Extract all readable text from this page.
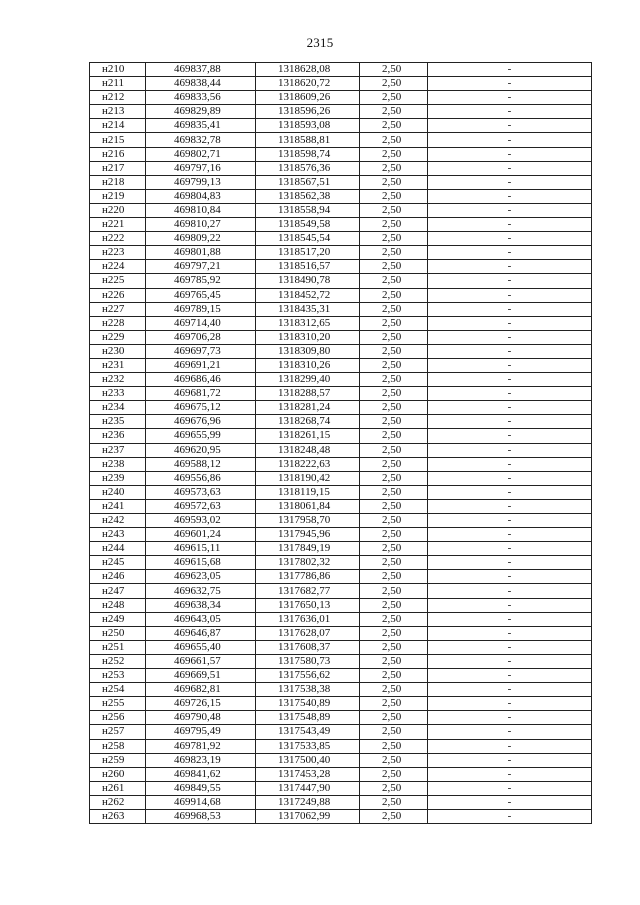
2315
н210	469837,88	1318628,08	2,50	-
н211	469838,44	1318620,72	2,50	-
н212	469833,56	1318609,26	2,50	-
н213	469829,89	1318596,26	2,50	-
н214	469835,41	1318593,08	2,50	-
н215	469832,78	1318588,81	2,50	-
н216	469802,71	1318598,74	2,50	-
н217	469797,16	1318576,36	2,50	-
н218	469799,13	1318567,51	2,50	-
н219	469804,83	1318562,38	2,50	-
н220	469810,84	1318558,94	2,50	-
н221	469810,27	1318549,58	2,50	-
н222	469809,22	1318545,54	2,50	-
н223	469801,88	1318517,20	2,50	-
н224	469797,21	1318516,57	2,50	-
н225	469785,92	1318490,78	2,50	-
н226	469765,45	1318452,72	2,50	-
н227	469789,15	1318435,31	2,50	-
н228	469714,40	1318312,65	2,50	-
н229	469706,28	1318310,20	2,50	-
н230	469697,73	1318309,80	2,50	-
н231	469691,21	1318310,26	2,50	-
н232	469686,46	1318299,40	2,50	-
н233	469681,72	1318288,57	2,50	-
н234	469675,12	1318281,24	2,50	-
н235	469676,96	1318268,74	2,50	-
н236	469655,99	1318261,15	2,50	-
н237	469620,95	1318248,48	2,50	-
н238	469588,12	1318222,63	2,50	-
н239	469556,86	1318190,42	2,50	-
н240	469573,63	1318119,15	2,50	-
н241	469572,63	1318061,84	2,50	-
н242	469593,02	1317958,70	2,50	-
н243	469601,24	1317945,96	2,50	-
н244	469615,11	1317849,19	2,50	-
н245	469615,68	1317802,32	2,50	-
н246	469623,05	1317786,86	2,50	-
н247	469632,75	1317682,77	2,50	-
н248	469638,34	1317650,13	2,50	-
н249	469643,05	1317636,01	2,50	-
н250	469646,87	1317628,07	2,50	-
н251	469655,40	1317608,37	2,50	-
н252	469661,57	1317580,73	2,50	-
н253	469669,51	1317556,62	2,50	-
н254	469682,81	1317538,38	2,50	-
н255	469726,15	1317540,89	2,50	-
н256	469790,48	1317548,89	2,50	-
н257	469795,49	1317543,49	2,50	-
н258	469781,92	1317533,85	2,50	-
н259	469823,19	1317500,40	2,50	-
н260	469841,62	1317453,28	2,50	-
н261	469849,55	1317447,90	2,50	-
н262	469914,68	1317249,88	2,50	-
н263	469968,53	1317062,99	2,50	-
